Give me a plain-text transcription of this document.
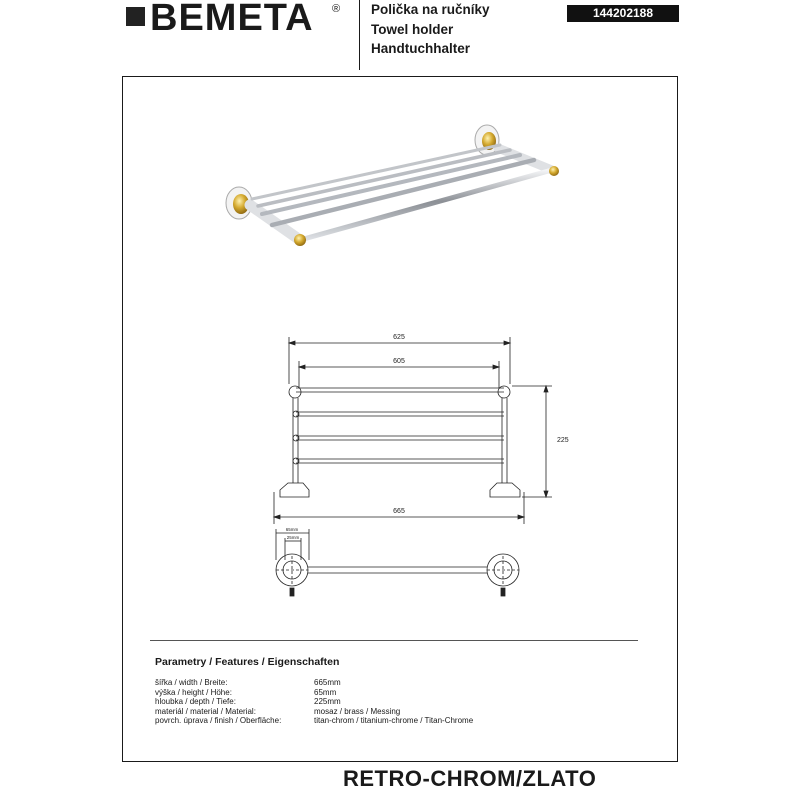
BEMETA ® Polička na ručníky
Towel holder
Handtuchhalter
144202188
625
605
225
665
65mm
25mm
Parametry / Features / Eigenschaften
šířka / width / Breite:	665mm
výška / height / Höhe:	65mm
hloubka / depth / Tiefe:	225mm
materiál / material / Material:	mosaz / brass / Messing
povrch. úprava / finish / Oberfläche:	titan-chrom / titanium-chrome / Titan-Chrome
RETRO-CHROM/ZLATO
